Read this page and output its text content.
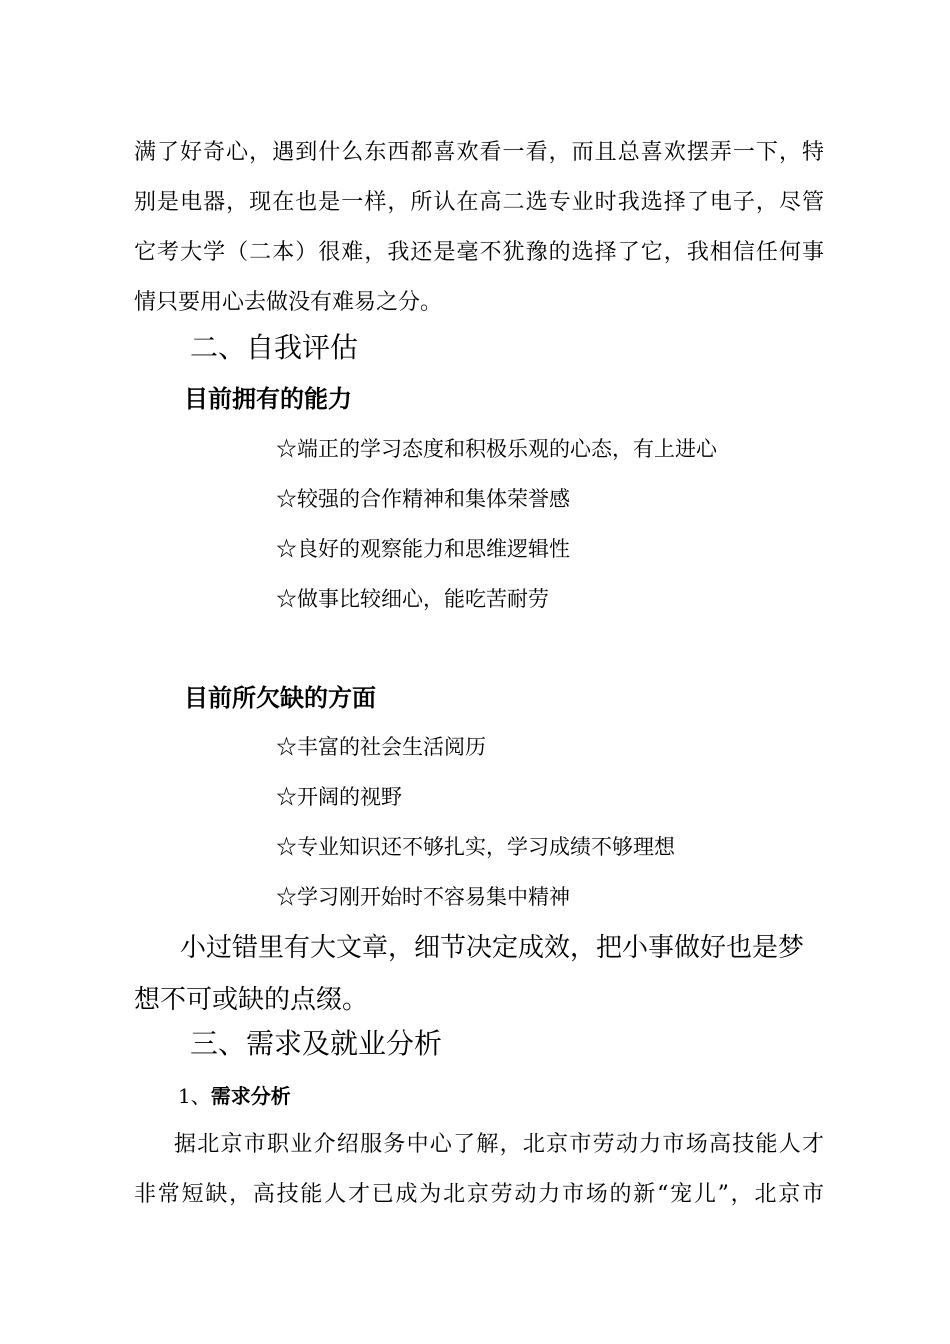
满了好奇心，遇到什么东西都喜欢看一看，而且总喜欢摆弄一下，特
别是电器，现在也是一样，所认在高二选专业时我选择了电子，尽管
它考大学（二本）很难，我还是毫不犹豫的选择了它，我相信任何事
情只要用心去做没有难易之分。
二、自我评估
目前拥有的能力
☆端正的学习态度和积极乐观的心态，有上进心
☆较强的合作精神和集体荣誉感
☆良好的观察能力和思维逻辑性
☆做事比较细心，能吃苦耐劳
目前所欠缺的方面
☆丰富的社会生活阅历
☆开阔的视野
☆专业知识还不够扎实，学习成绩不够理想
☆学习刚开始时不容易集中精神
小过错里有大文章，细节决定成效，把小事做好也是梦
想不可或缺的点缀。
三、需求及就业分析
1、需求分析
据北京市职业介绍服务中心了解，北京市劳动力市场高技能人才
非常短缺，高技能人才已成为北京劳动力市场的新“宠儿”，北京市
